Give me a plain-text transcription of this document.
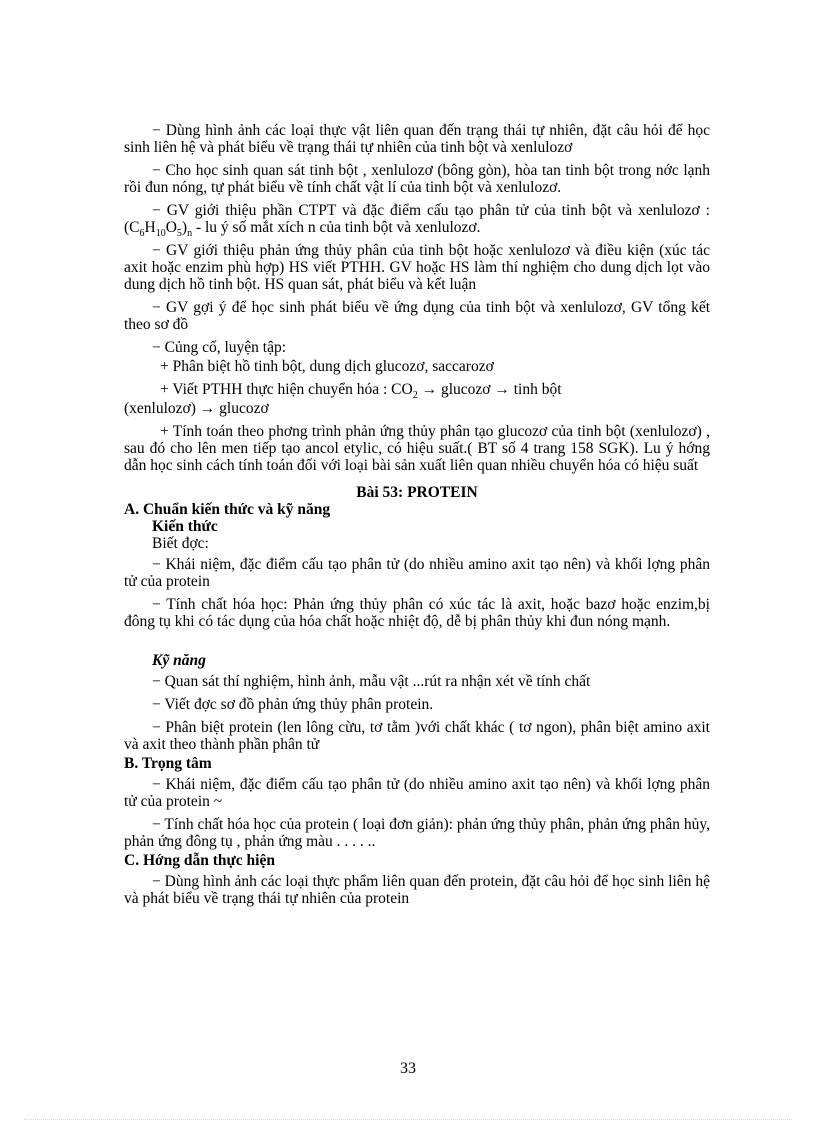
− Dùng hình ảnh các loại thực vật liên quan đến trạng thái tự nhiên, đặt câu hỏi để học sinh liên hệ và phát biểu về trạng thái tự nhiên của tinh bột và xenlulozơ

− Cho học sinh quan sát tinh bột , xenlulozơ (bông gòn), hòa tan tinh bột trong nớc lạnh rồi đun nóng, tự phát biểu về tính chất vật lí của tinh bột và xenlulozơ.

− GV giới thiệu phần CTPT và đặc điểm cấu tạo phân tử của tinh bột và xenlulozơ : $(C_6H_{10}O_5)_n$ - lu ý số mắt xích n của tinh bột và xenlulozơ.

− GV giới thiệu phản ứng thủy phân của tinh bột hoặc xenlulozơ và điều kiện (xúc tác axit hoặc enzim phù hợp) HS viết PTHH. GV hoặc HS làm thí nghiệm cho dung dịch lọt vào dung dịch hồ tinh bột. HS quan sát, phát biểu và kết luận

− GV gợi ý để học sinh phát biểu về ứng dụng của tinh bột và xenlulozơ, GV tổng kết theo sơ đồ

− Củng cố, luyện tập:

+ Phân biệt hồ tinh bột, dung dịch glucozơ, saccarozơ

+ Viết PTHH thực hiện chuyển hóa : $CO_2$ → glucozơ → tinh bột

(xenlulozơ) → glucozơ

+ Tính toán theo phơng trình phản ứng thủy phân tạo glucozơ của tinh bột (xenlulozơ) , sau đó cho lên men tiếp tạo ancol etylic, có hiệu suất.( BT số 4 trang 158 SGK). Lu ý hớng dẫn học sinh cách tính toán đối với loại bài sản xuất liên quan nhiều chuyển hóa có hiệu suất

Bài 53: PROTEIN

A. Chuẩn kiến thức và kỹ năng

Kiến thức

Biết đợc:

− Khái niệm, đặc điểm cấu tạo phân tử (do nhiều amino axit tạo nên) và khối lợng phân tử của protein

− Tính chất hóa học: Phản ứng thủy phân có xúc tác là axit, hoặc bazơ hoặc enzim,bị đông tụ khi có tác dụng của hóa chất hoặc nhiệt độ, dễ bị phân thủy khi đun nóng mạnh.

Kỹ năng

− Quan sát thí nghiệm, hình ảnh, mẫu vật ...rút ra nhận xét về tính chất

− Viết đợc sơ đồ phản ứng thủy phân protein.

− Phân biệt protein (len lông cừu, tơ tằm )với chất khác ( tơ ngon), phân biệt amino axit và axit theo thành phần phân tử

B. Trọng tâm

− Khái niệm, đặc điểm cấu tạo phân tử (do nhiều amino axit tạo nên) và khối lợng phân tử của protein ~

− Tính chất hóa học của protein ( loại đơn giản): phản ứng thủy phân, phản ứng phân hủy, phản ứng đông tụ , phản ứng màu . . . . ..

C. Hớng dẫn thực hiện

− Dùng hình ảnh các loại thực phẩm liên quan đến protein, đặt câu hỏi để học sinh liên hệ và phát biểu về trạng thái tự nhiên của protein

33
